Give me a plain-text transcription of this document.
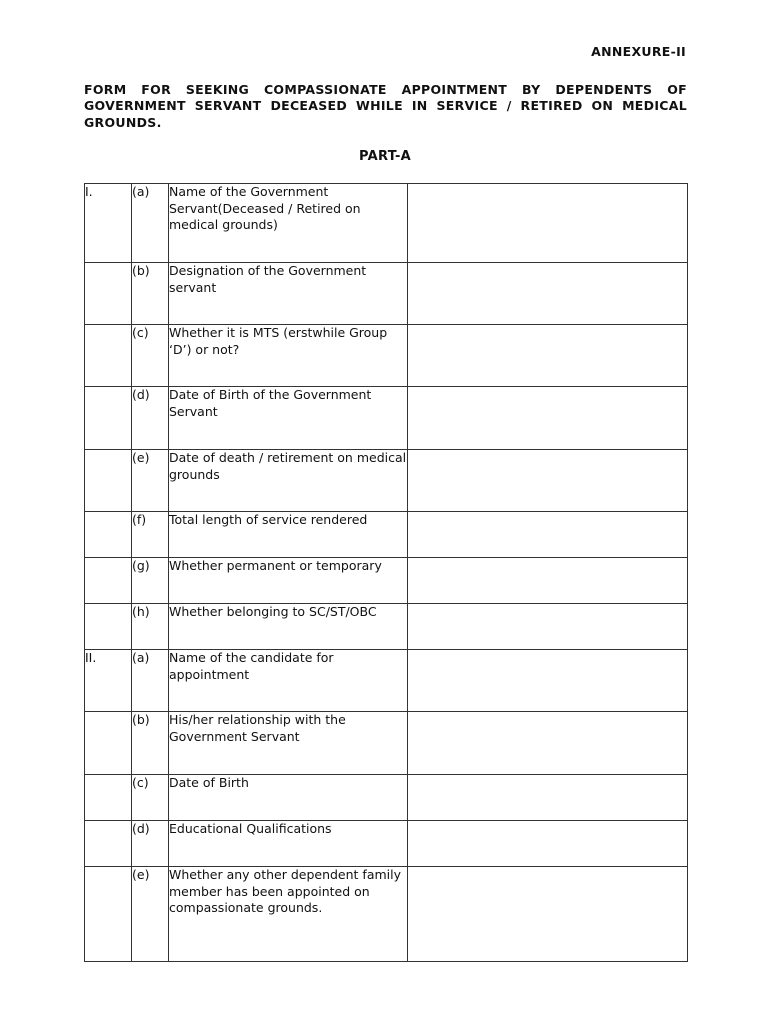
ANNEXURE-II
FORM FOR SEEKING COMPASSIONATE APPOINTMENT BY DEPENDENTS OF GOVERNMENT SERVANT DECEASED WHILE IN SERVICE / RETIRED ON MEDICAL GROUNDS.
PART-A
I.	(a)	Name of the Government Servant(Deceased / Retired on medical grounds)	
	(b)	Designation of the Government servant	
	(c)	Whether it is MTS (erstwhile Group ‘D’) or not?	
	(d)	Date of Birth of the Government Servant	
	(e)	Date of death / retirement on medical grounds	
	(f)	Total length of service rendered	
	(g)	Whether permanent or temporary	
	(h)	Whether belonging to SC/ST/OBC	
II.	(a)	Name of the candidate for appointment	
	(b)	His/her relationship with the Government Servant	
	(c)	Date of Birth	
	(d)	Educational Qualifications	
	(e)	Whether any other dependent family member has been appointed on compassionate grounds.	
